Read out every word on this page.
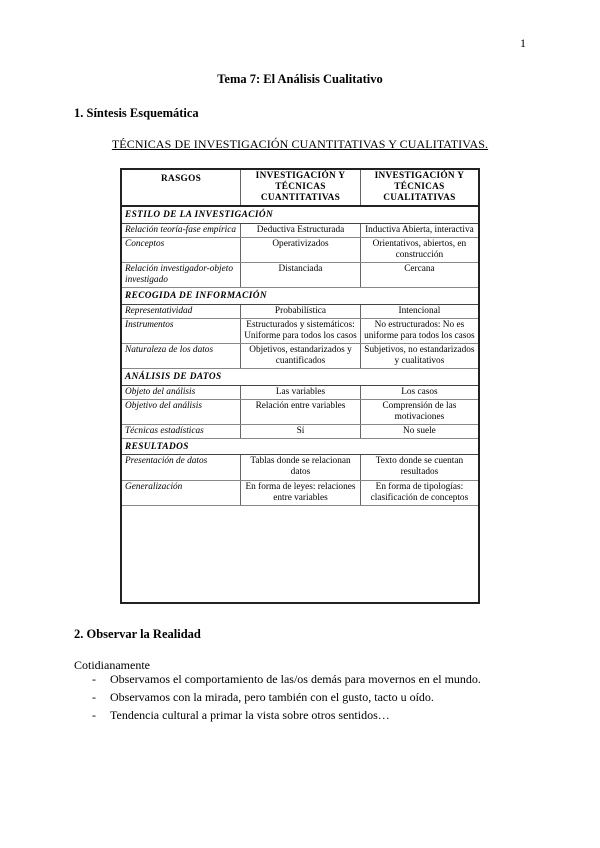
1
Tema 7: El Análisis Cualitativo
1. Síntesis Esquemática
TÉCNICAS DE INVESTIGACIÓN CUANTITATIVAS Y CUALITATIVAS.
RASGOS	INVESTIGACIÓN Y TÉCNICAS CUANTITATIVAS	INVESTIGACIÓN Y TÉCNICAS CUALITATIVAS
ESTILO DE LA INVESTIGACIÓN		
Relación teoría-fase empírica	Deductiva Estructurada	Inductiva Abierta, interactiva
Conceptos	Operativizados	Orientativos, abiertos, en construcción
Relación investigador-objeto investigado	Distanciada	Cercana
RECOGIDA DE INFORMACIÓN		
Representatividad	Probabilística	Intencional
Instrumentos	Estructurados y sistemáticos: Uniforme para todos los casos	No estructurados: No es uniforme para todos los casos
Naturaleza de los datos	Objetivos, estandarizados y cuantificados	Subjetivos, no estandarizados y cualitativos
ANÁLISIS DE DATOS		
Objeto del análisis	Las variables	Los casos
Objetivo del análisis	Relación entre variables	Comprensión de las motivaciones
Técnicas estadísticas	Sí	No suele
RESULTADOS		
Presentación de datos	Tablas donde se relacionan datos	Texto donde se cuentan resultados
Generalización	En forma de leyes: relaciones entre variables	En forma de tipologías: clasificación de conceptos
2. Observar la Realidad
Cotidianamente
-	Observamos el comportamiento de las/os demás para movernos en el mundo.
-	Observamos con la mirada, pero también con el gusto, tacto u oído.
-	Tendencia cultural a primar la vista sobre otros sentidos…
